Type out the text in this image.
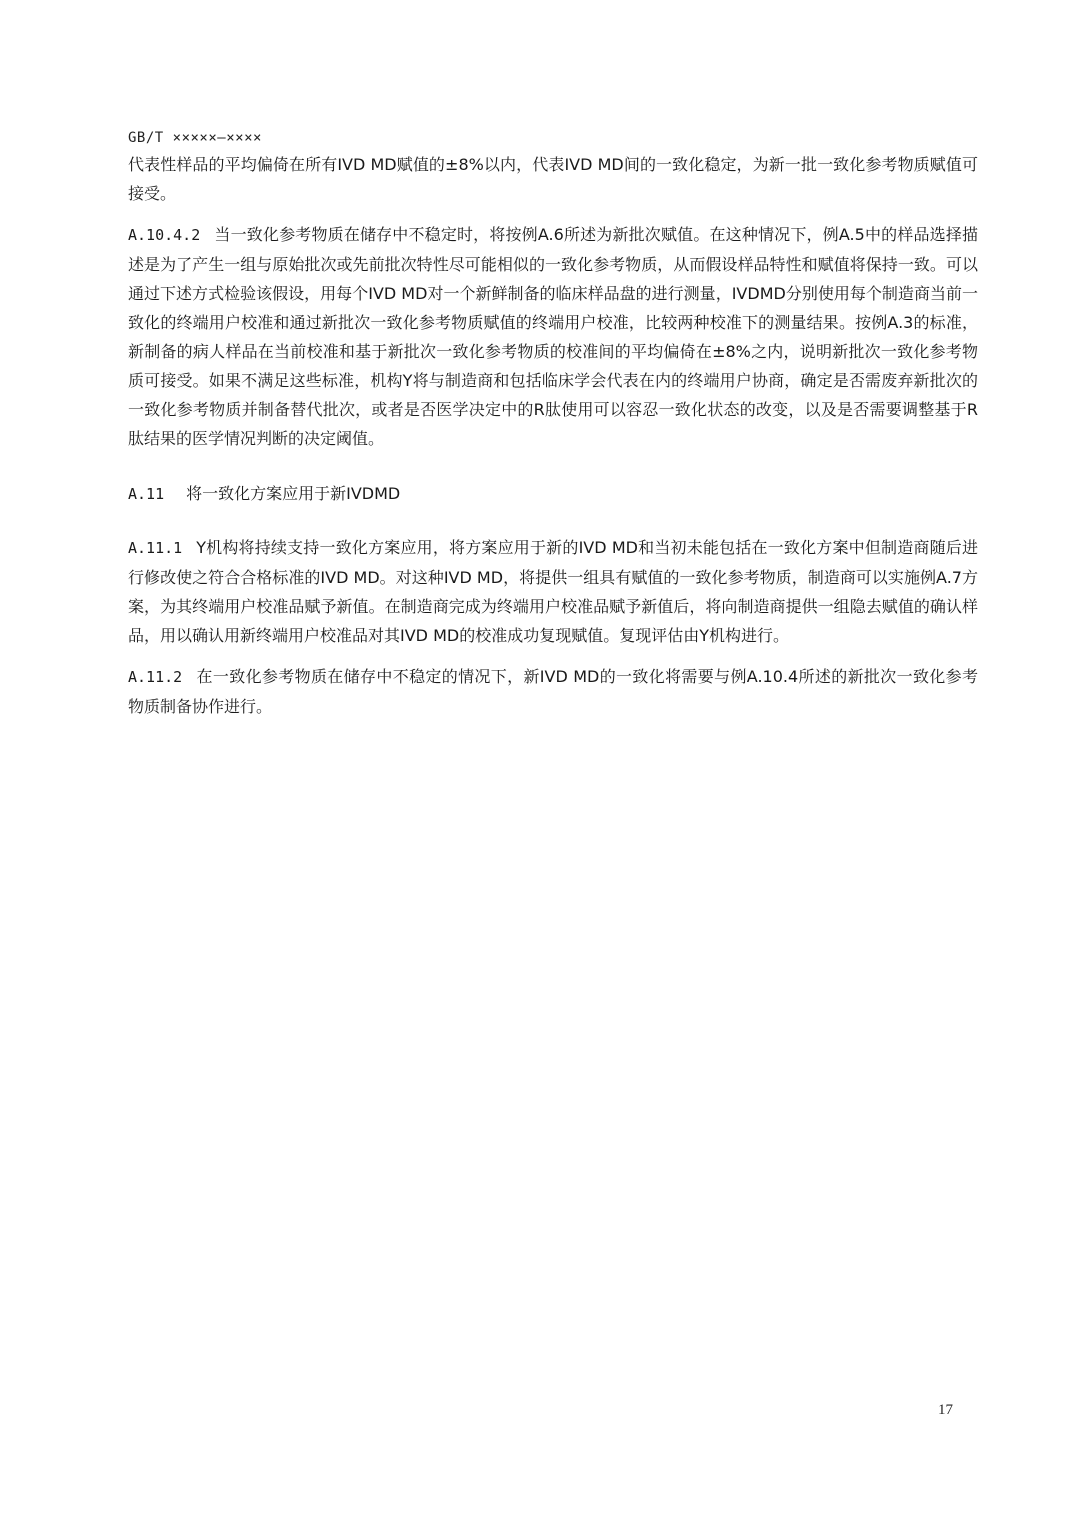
GB/T ×××××—××××

代表性样品的平均偏倚在所有IVD MD赋值的±8%以内，代表IVD MD间的一致化稳定，为新一批一致化参考物质赋值可接受。

A.10.4.2 当一致化参考物质在储存中不稳定时，将按例A.6所述为新批次赋值。在这种情况下，例A.5中的样品选择描述是为了产生一组与原始批次或先前批次特性尽可能相似的一致化参考物质，从而假设样品特性和赋值将保持一致。可以通过下述方式检验该假设，用每个IVD MD对一个新鲜制备的临床样品盘的进行测量，IVDMD分别使用每个制造商当前一致化的终端用户校准和通过新批次一致化参考物质赋值的终端用户校准，比较两种校准下的测量结果。按例A.3的标准，新制备的病人样品在当前校准和基于新批次一致化参考物质的校准间的平均偏倚在±8%之内，说明新批次一致化参考物质可接受。如果不满足这些标准，机构Y将与制造商和包括临床学会代表在内的终端用户协商，确定是否需废弃新批次的一致化参考物质并制备替代批次，或者是否医学决定中的R肽使用可以容忍一致化状态的改变，以及是否需要调整基于R肽结果的医学情况判断的决定阈值。

A.11 将一致化方案应用于新IVDMD

A.11.1 Y机构将持续支持一致化方案应用，将方案应用于新的IVD MD和当初未能包括在一致化方案中但制造商随后进行修改使之符合合格标准的IVD MD。对这种IVD MD，将提供一组具有赋值的一致化参考物质，制造商可以实施例A.7方案，为其终端用户校准品赋予新值。在制造商完成为终端用户校准品赋予新值后，将向制造商提供一组隐去赋值的确认样品，用以确认用新终端用户校准品对其IVD MD的校准成功复现赋值。复现评估由Y机构进行。

A.11.2 在一致化参考物质在储存中不稳定的情况下，新IVD MD的一致化将需要与例A.10.4所述的新批次一致化参考物质制备协作进行。

17
